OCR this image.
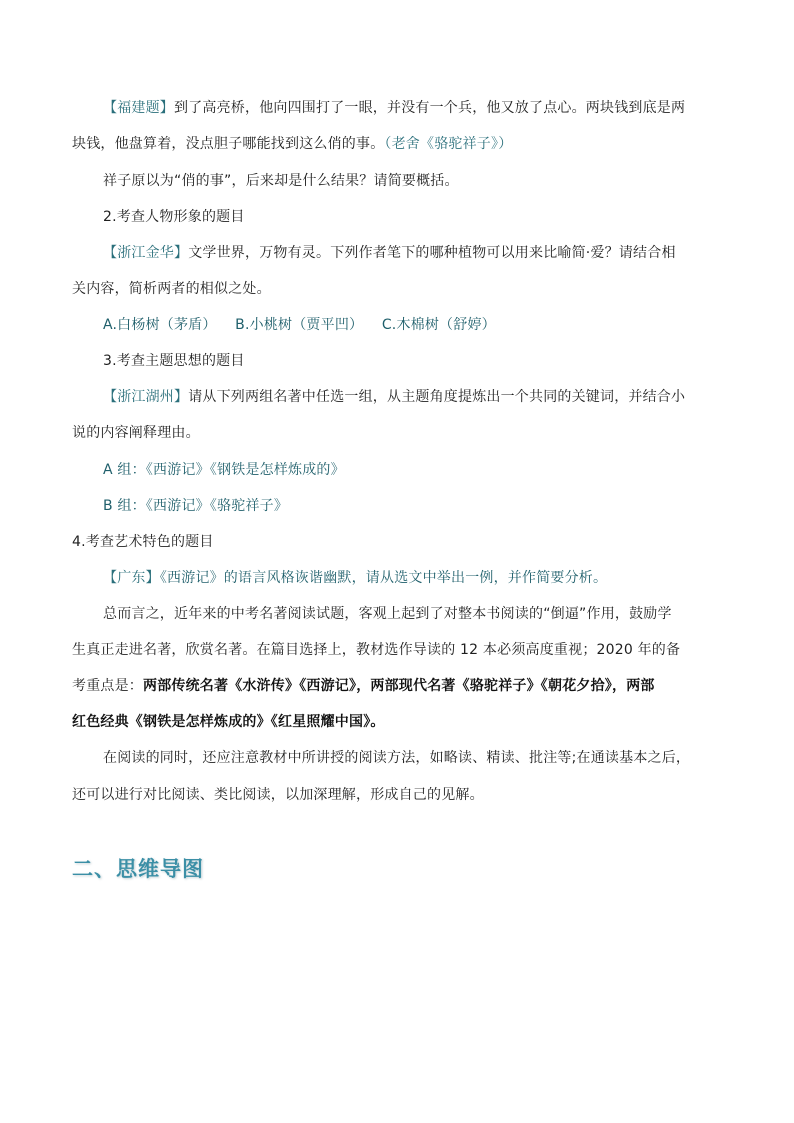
【福建题】到了高亮桥，他向四围打了一眼，并没有一个兵，他又放了点心。两块钱到底是两
块钱，他盘算着，没点胆子哪能找到这么俏的事。（老舍《骆驼祥子》）
祥子原以为“俏的事”，后来却是什么结果？请简要概括。
2.考查人物形象的题目
【浙江金华】文学世界，万物有灵。下列作者笔下的哪种植物可以用来比喻简·爱？请结合相
关内容，简析两者的相似之处。
A.白杨树（茅盾）    B.小桃树（贾平凹）    C.木棉树（舒婷）
3.考查主题思想的题目
【浙江湖州】请从下列两组名著中任选一组，从主题角度提炼出一个共同的关键词，并结合小
说的内容阐释理由。
A 组：《西游记》《钢铁是怎样炼成的》
B 组：《西游记》《骆驼祥子》
4.考查艺术特色的题目
【广东】《西游记》的语言风格诙谐幽默，请从选文中举出一例，并作简要分析。
总而言之，近年来的中考名著阅读试题，客观上起到了对整本书阅读的“倒逼”作用，鼓励学
生真正走进名著，欣赏名著。在篇目选择上，教材选作导读的 12 本必须高度重视；2020 年的备
考重点是：两部传统名著《水浒传》《西游记》，两部现代名著《骆驼祥子》《朝花夕拾》，两部
红色经典《钢铁是怎样炼成的》《红星照耀中国》。
在阅读的同时，还应注意教材中所讲授的阅读方法，如略读、精读、批注等;在通读基本之后，
还可以进行对比阅读、类比阅读，以加深理解，形成自己的见解。
二、思维导图
